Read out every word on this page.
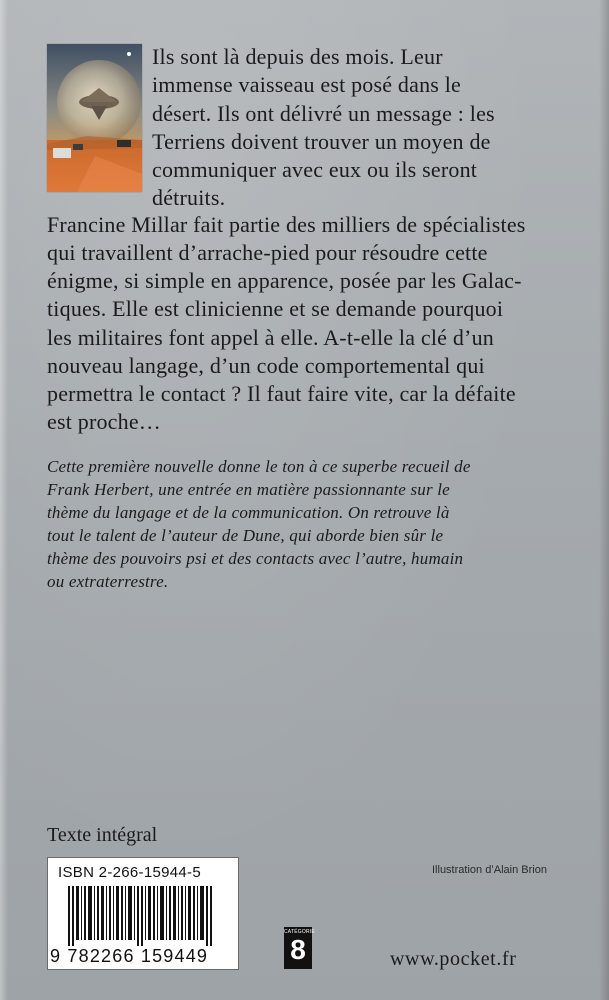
Ils sont là depuis des mois. Leur
immense vaisseau est posé dans le
désert. Ils ont délivré un message : les
Terriens doivent trouver un moyen de
communiquer avec eux ou ils seront
détruits.
Francine Millar fait partie des milliers de spécialistes
qui travaillent d’arrache-pied pour résoudre cette
énigme, si simple en apparence, posée par les Galac-
tiques. Elle est clinicienne et se demande pourquoi
les militaires font appel à elle. A-t-elle la clé d’un
nouveau langage, d’un code comportemental qui
permettra le contact ? Il faut faire vite, car la défaite
est proche…
Cette première nouvelle donne le ton à ce superbe recueil de
Frank Herbert, une entrée en matière passionnante sur le
thème du langage et de la communication. On retrouve là
tout le talent de l’auteur de Dune, qui aborde bien sûr le
thème des pouvoirs psi et des contacts avec l’autre, humain
ou extraterrestre.
Texte intégral
ISBN 2-266-15944-5
9 782266 159449
CATÉGORIE
8
Illustration d’Alain Brion
www.pocket.fr
